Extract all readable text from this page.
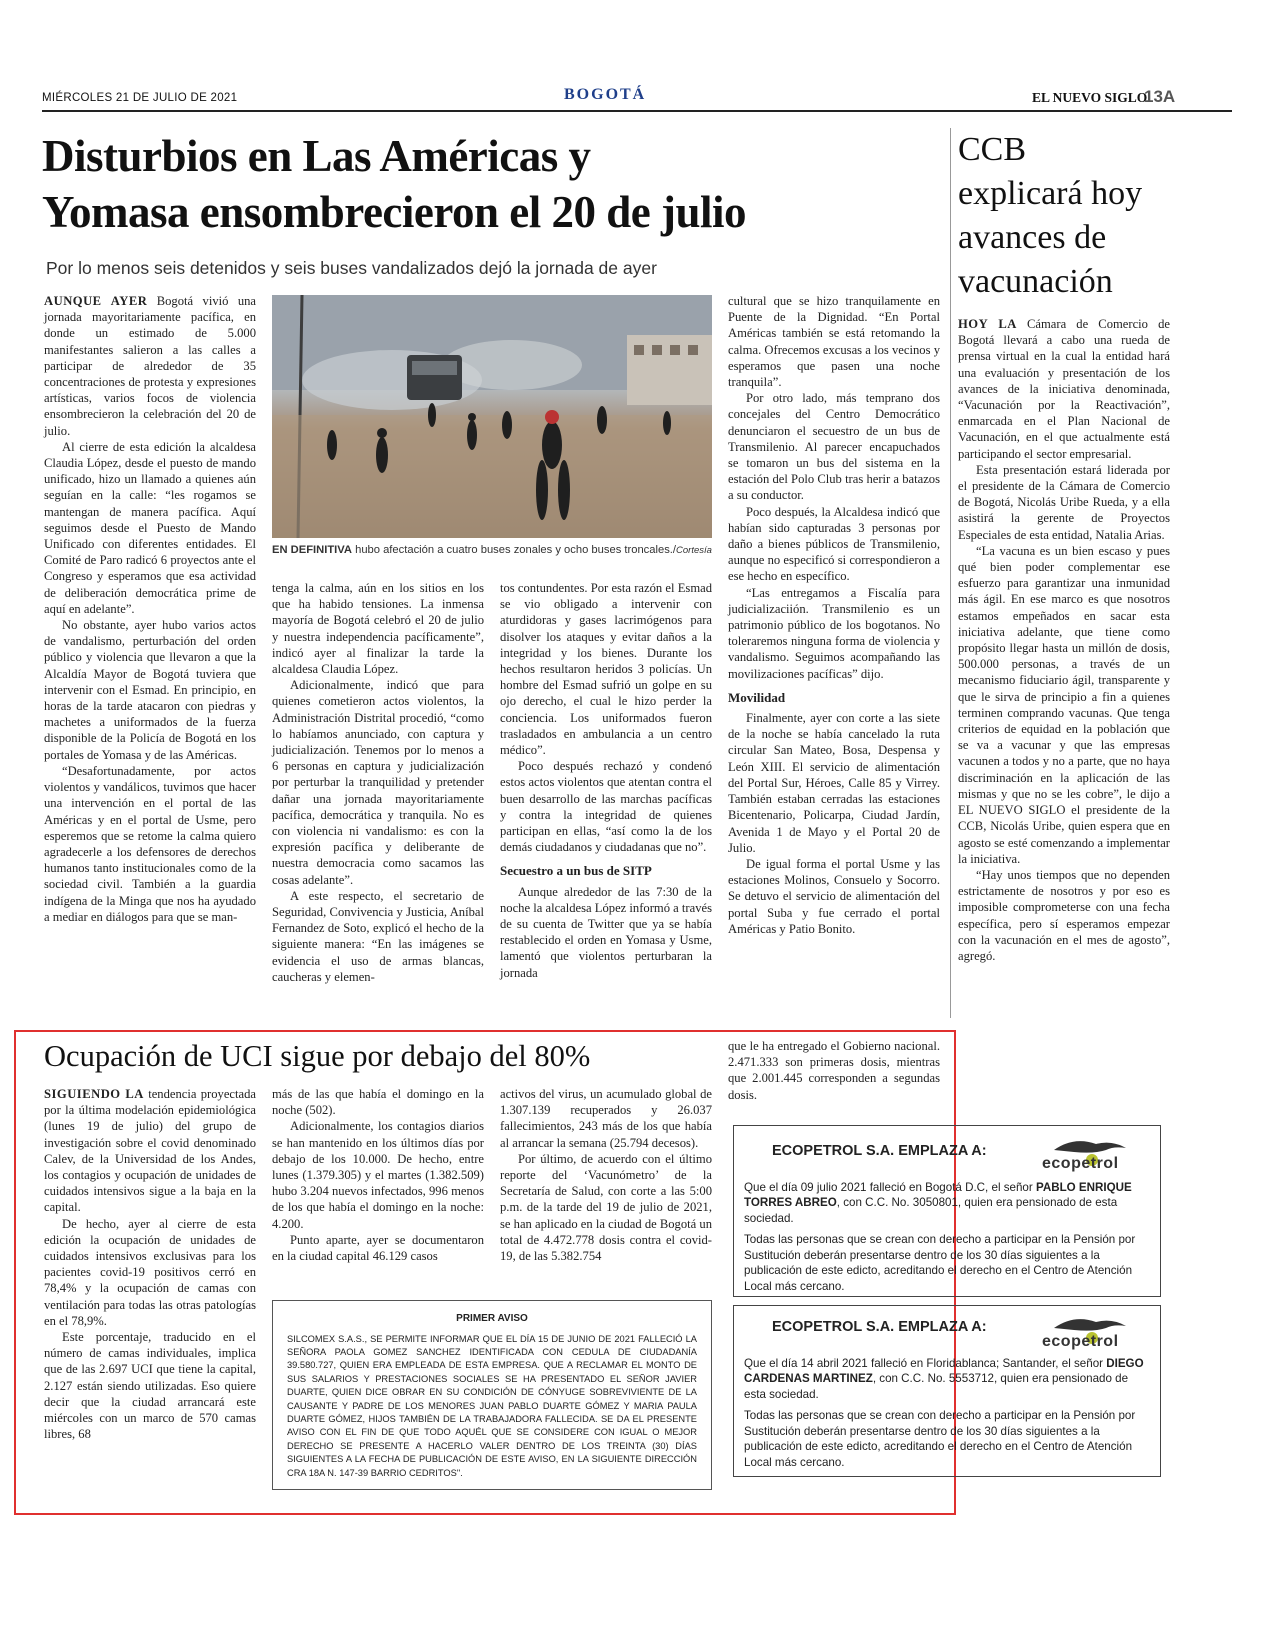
MIÉRCOLES 21 DE JULIO DE 2021	BOGOTÁ	EL NUEVO SIGLO
13A
Disturbios en Las Américas y
Yomasa ensombrecieron el 20 de julio
Por lo menos seis detenidos y seis buses vandalizados dejó la jornada de ayer

AUNQUE AYER Bogotá vivió una jornada mayoritariamente pacífica, en donde un estimado de 5.000 manifestantes salieron a las calles a participar de alrededor de 35 concentraciones de protesta y expresiones artísticas, varios focos de violencia ensombrecieron la celebración del 20 de julio.

Al cierre de esta edición la alcaldesa Claudia López, desde el puesto de mando unificado, hizo un llamado a quienes aún seguían en la calle: “les rogamos se mantengan de manera pacífica. Aquí seguimos desde el Puesto de Mando Unificado con diferentes entidades. El Comité de Paro radicó 6 proyectos ante el Congreso y esperamos que esa actividad de deliberación democrática prime de aquí en adelante”.

No obstante, ayer hubo varios actos de vandalismo, perturbación del orden público y violencia que llevaron a que la Alcaldía Mayor de Bogotá tuviera que intervenir con el Esmad. En principio, en horas de la tarde atacaron con piedras y machetes a uniformados de la fuerza disponible de la Policía de Bogotá en los portales de Yomasa y de las Américas.

“Desafortunadamente, por actos violentos y vandálicos, tuvimos que hacer una intervención en el portal de las Américas y en el portal de Usme, pero esperemos que se retome la calma quiero agradecerle a los defensores de derechos humanos tanto institucionales como de la sociedad civil. También a la guardia indígena de la Minga que nos ha ayudado a mediar en diálogos para que se man-

EN DEFINITIVA hubo afectación a cuatro buses zonales y ocho buses troncales./Cortesía

tenga la calma, aún en los sitios en los que ha habido tensiones. La inmensa mayoría de Bogotá celebró el 20 de julio y nuestra independencia pacíficamente”, indicó ayer al finalizar la tarde la alcaldesa Claudia López.

Adicionalmente, indicó que para quienes cometieron actos violentos, la Administración Distrital procedió, “como lo habíamos anunciado, con captura y judicialización. Tenemos por lo menos a 6 personas en captura y judicialización por perturbar la tranquilidad y pretender dañar una jornada mayoritariamente pacífica, democrática y tranquila. No es con violencia ni vandalismo: es con la expresión pacífica y deliberante de nuestra democracia como sacamos las cosas adelante”.

A este respecto, el secretario de Seguridad, Convivencia y Justicia, Aníbal Fernandez de Soto, explicó el hecho de la siguiente manera: “En las imágenes se evidencia el uso de armas blancas, caucheras y elemen-

tos contundentes. Por esta razón el Esmad se vio obligado a intervenir con aturdidoras y gases lacrimógenos para disolver los ataques y evitar daños a la integridad y los bienes. Durante los hechos resultaron heridos 3 policías. Un hombre del Esmad sufrió un golpe en su ojo derecho, el cual le hizo perder la conciencia. Los uniformados fueron trasladados en ambulancia a un centro médico”.

Poco después rechazó y condenó estos actos violentos que atentan contra el buen desarrollo de las marchas pacíficas y contra la integridad de quienes participan en ellas, “así como la de los demás ciudadanos y ciudadanas que no”.

Secuestro a un bus de SITP

Aunque alrededor de las 7:30 de la noche la alcaldesa López informó a través de su cuenta de Twitter que ya se había restablecido el orden en Yomasa y Usme, lamentó que violentos perturbaran la jornada

cultural que se hizo tranquilamente en Puente de la Dignidad. “En Portal Américas también se está retomando la calma. Ofrecemos excusas a los vecinos y esperamos que pasen una noche tranquila”.

Por otro lado, más temprano dos concejales del Centro Democrático denunciaron el secuestro de un bus de Transmilenio. Al parecer encapuchados se tomaron un bus del sistema en la estación del Polo Club tras herir a batazos a su conductor.

Poco después, la Alcaldesa indicó que habían sido capturadas 3 personas por daño a bienes públicos de Transmilenio, aunque no especificó si correspondieron a ese hecho en específico.

“Las entregamos a Fiscalía para judicializaciión. Transmilenio es un patrimonio público de los bogotanos. No toleraremos ninguna forma de violencia y vandalismo. Seguimos acompañando las movilizaciones pacíficas” dijo.

Movilidad

Finalmente, ayer con corte a las siete de la noche se había cancelado la ruta circular San Mateo, Bosa, Despensa y León XIII. El servicio de alimentación del Portal Sur, Héroes, Calle 85 y Virrey. También estaban cerradas las estaciones Bicentenario, Policarpa, Ciudad Jardín, Avenida 1 de Mayo y el Portal 20 de Julio.

De igual forma el portal Usme y las estaciones Molinos, Consuelo y Socorro. Se detuvo el servicio de alimentación del portal Suba y fue cerrado el portal Américas y Patio Bonito.

CCB
explicará hoy
avances de
vacunación

HOY LA Cámara de Comercio de Bogotá llevará a cabo una rueda de prensa virtual en la cual la entidad hará una evaluación y presentación de los avances de la iniciativa denominada, “Vacunación por la Reactivación”, enmarcada en el Plan Nacional de Vacunación, en el que actualmente está participando el sector empresarial.

Esta presentación estará liderada por el presidente de la Cámara de Comercio de Bogotá, Nicolás Uribe Rueda, y a ella asistirá la gerente de Proyectos Especiales de esta entidad, Natalia Arias.

“La vacuna es un bien escaso y pues qué bien poder complementar ese esfuerzo para garantizar una inmunidad más ágil. En ese marco es que nosotros estamos empeñados en sacar esta iniciativa adelante, que tiene como propósito llegar hasta un millón de dosis, 500.000 personas, a través de un mecanismo fiduciario ágil, transparente y que le sirva de principio a fin a quienes terminen comprando vacunas. Que tenga criterios de equidad en la población que se va a vacunar y que las empresas vacunen a todos y no a parte, que no haya discriminación en la aplicación de las mismas y que no se les cobre”, le dijo a EL NUEVO SIGLO el presidente de la CCB, Nicolás Uribe, quien espera que en agosto se esté comenzando a implementar la iniciativa.

“Hay unos tiempos que no dependen estrictamente de nosotros y por eso es imposible comprometerse con una fecha específica, pero sí esperamos empezar con la vacunación en el mes de agosto”, agregó.

Ocupación de UCI sigue por debajo del 80%

SIGUIENDO LA tendencia proyectada por la última modelación epidemiológica (lunes 19 de julio) del grupo de investigación sobre el covid denominado Calev, de la Universidad de los Andes, los contagios y ocupación de unidades de cuidados intensivos sigue a la baja en la capital.

De hecho, ayer al cierre de esta edición la ocupación de unidades de cuidados intensivos exclusivas para los pacientes covid-19 positivos cerró en 78,4% y la ocupación de camas con ventilación para todas las otras patologías en el 78,9%.

Este porcentaje, traducido en el número de camas individuales, implica que de las 2.697 UCI que tiene la capital, 2.127 están siendo utilizadas. Eso quiere decir que la ciudad arrancará este miércoles con un marco de 570 camas libres, 68

más de las que había el domingo en la noche (502).

Adicionalmente, los contagios diarios se han mantenido en los últimos días por debajo de los 10.000. De hecho, entre lunes (1.379.305) y el martes (1.382.509) hubo 3.204 nuevos infectados, 996 menos de los que había el domingo en la noche: 4.200.

Punto aparte, ayer se documentaron en la ciudad capital 46.129 casos

activos del virus, un acumulado global de 1.307.139 recuperados y 26.037 fallecimientos, 243 más de los que había al arrancar la semana (25.794 decesos).

Por último, de acuerdo con el último reporte del ‘Vacunómetro’ de la Secretaría de Salud, con corte a las 5:00 p.m. de la tarde del 19 de julio de 2021, se han aplicado en la ciudad de Bogotá un total de 4.472.778 dosis contra el covid-19, de las 5.382.754

que le ha entregado el Gobierno nacional. 2.471.333 son primeras dosis, mientras que 2.001.445 corresponden a segundas dosis.

PRIMER AVISO
SILCOMEX S.A.S., SE PERMITE INFORMAR QUE EL DÍA 15 DE JUNIO DE 2021 FALLECIÓ LA SEÑORA PAOLA GOMEZ SANCHEZ IDENTIFICADA CON CEDULA DE CIUDADANÍA 39.580.727, QUIEN ERA EMPLEADA DE ESTA EMPRESA. QUE A RECLAMAR EL MONTO DE SUS SALARIOS Y PRESTACIONES SOCIALES SE HA PRESENTADO EL SEÑOR JAVIER DUARTE, QUIEN DICE OBRAR EN SU CONDICIÓN DE CÓNYUGE SOBREVIVIENTE DE LA CAUSANTE Y PADRE DE LOS MENORES JUAN PABLO DUARTE GÓMEZ Y MARIA PAULA DUARTE GÓMEZ, HIJOS TAMBIÉN DE LA TRABAJADORA FALLECIDA. SE DA EL PRESENTE AVISO CON EL FIN DE QUE TODO AQUÉL QUE SE CONSIDERE CON IGUAL O MEJOR DERECHO SE PRESENTE A HACERLO VALER DENTRO DE LOS TREINTA (30) DÍAS SIGUIENTES A LA FECHA DE PUBLICACIÓN DE ESTE AVISO, EN LA SIGUIENTE DIRECCIÓN CRA 18A N. 147-39 BARRIO CEDRITOS".
ECOPETROL S.A. EMPLAZA A:
ecopetrol

Que el día 09 julio 2021 falleció en Bogotá D.C, el señor PABLO ENRIQUE TORRES ABREO, con C.C. No. 3050801, quien era pensionado de esta sociedad.

Todas las personas que se crean con derecho a participar en la Pensión por Sustitución deberán presentarse dentro de los 30 días siguientes a la publicación de este edicto, acreditando el derecho en el Centro de Atención Local más cercano.

ECOPETROL S.A. EMPLAZA A:
ecopetrol

Que el día 14 abril 2021 falleció en Floridablanca; Santander, el señor DIEGO CARDENAS MARTINEZ, con C.C. No. 5553712, quien era pensionado de esta sociedad.

Todas las personas que se crean con derecho a participar en la Pensión por Sustitución deberán presentarse dentro de los 30 días siguientes a la publicación de este edicto, acreditando el derecho en el Centro de Atención Local más cercano.
